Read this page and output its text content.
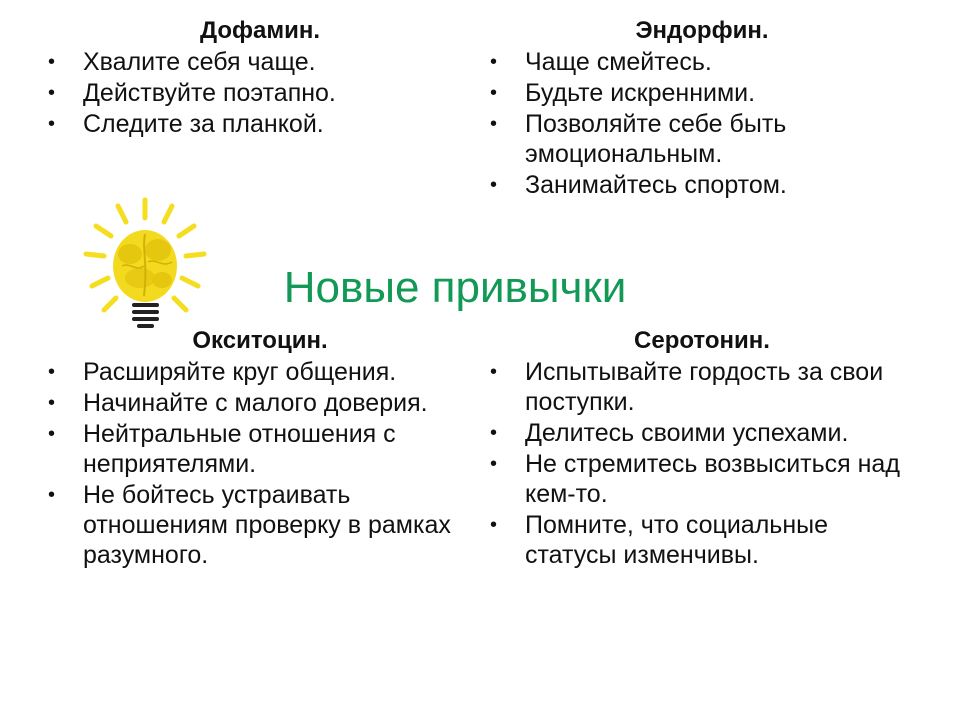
Дофамин.
• Хвалите себя чаще.
• Действуйте поэтапно.
• Следите за планкой.
Эндорфин.
• Чаще смейтесь.
• Будьте искренними.
• Позволяйте себе быть эмоциональным.
• Занимайтесь спортом.
Новые привычки
Окситоцин.
• Расширяйте круг общения.
• Начинайте с малого доверия.
• Нейтральные отношения с неприятелями.
• Не бойтесь устраивать отношениям проверку в рамках разумного.
Серотонин.
• Испытывайте гордость за свои поступки.
• Делитесь своими успехами.
• Не стремитесь возвыситься над кем-то.
• Помните, что социальные статусы изменчивы.
